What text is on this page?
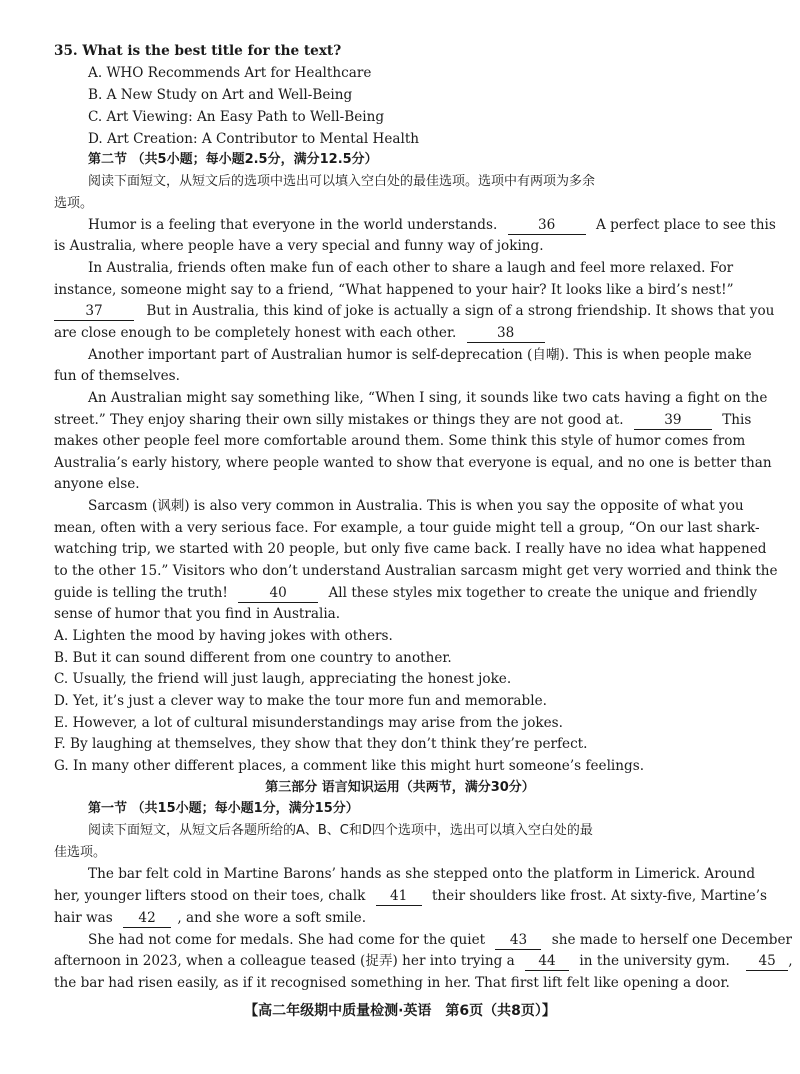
35. What is the best title for the text?
A. WHO Recommends Art for Healthcare
B. A New Study on Art and Well-Being
C. Art Viewing: An Easy Path to Well-Being
D. Art Creation: A Contributor to Mental Health
第二节 （共5小题；每小题2.5分，满分12.5分）
阅读下面短文，从短文后的选项中选出可以填入空白处的最佳选项。选项中有两项为多余
选项。
Humor is a feeling that everyone in the world understands.	36	A perfect place to see this
is Australia, where people have a very special and funny way of joking.
In Australia, friends often make fun of each other to share a laugh and feel more relaxed. For
instance, someone might say to a friend, “What happened to your hair? It looks like a bird’s nest!”
37	But in Australia, this kind of joke is actually a sign of a strong friendship. It shows that you
are close enough to be completely honest with each other.	38
Another important part of Australian humor is self-deprecation (自嘲). This is when people make
fun of themselves.
An Australian might say something like, “When I sing, it sounds like two cats having a fight on the
street.” They enjoy sharing their own silly mistakes or things they are not good at.	39	This
makes other people feel more comfortable around them. Some think this style of humor comes from
Australia’s early history, where people wanted to show that everyone is equal, and no one is better than
anyone else.
Sarcasm (讽刺) is also very common in Australia. This is when you say the opposite of what you
mean, often with a very serious face. For example, a tour guide might tell a group, “On our last shark-
watching trip, we started with 20 people, but only five came back. I really have no idea what happened
to the other 15.” Visitors who don’t understand Australian sarcasm might get very worried and think the
guide is telling the truth!	40	All these styles mix together to create the unique and friendly
sense of humor that you find in Australia.
A. Lighten the mood by having jokes with others.
B. But it can sound different from one country to another.
C. Usually, the friend will just laugh, appreciating the honest joke.
D. Yet, it’s just a clever way to make the tour more fun and memorable.
E. However, a lot of cultural misunderstandings may arise from the jokes.
F. By laughing at themselves, they show that they don’t think they’re perfect.
G. In many other different places, a comment like this might hurt someone’s feelings.
第三部分 语言知识运用（共两节，满分30分）
第一节 （共15小题；每小题1分，满分15分）
阅读下面短文，从短文后各题所给的A、B、C和D四个选项中，选出可以填入空白处的最
佳选项。
The bar felt cold in Martine Barons’ hands as she stepped onto the platform in Limerick. Around
her, younger lifters stood on their toes, chalk 41 their shoulders like frost. At sixty-five, Martine’s
hair was 42 , and she wore a soft smile.
She had not come for medals. She had come for the quiet 43 she made to herself one December
afternoon in 2023, when a colleague teased (捉弄) her into trying a 44 in the university gym. 45 ,
the bar had risen easily, as if it recognised something in her. That first lift felt like opening a door.
【高二年级期中质量检测·英语　第6页（共8页）】
